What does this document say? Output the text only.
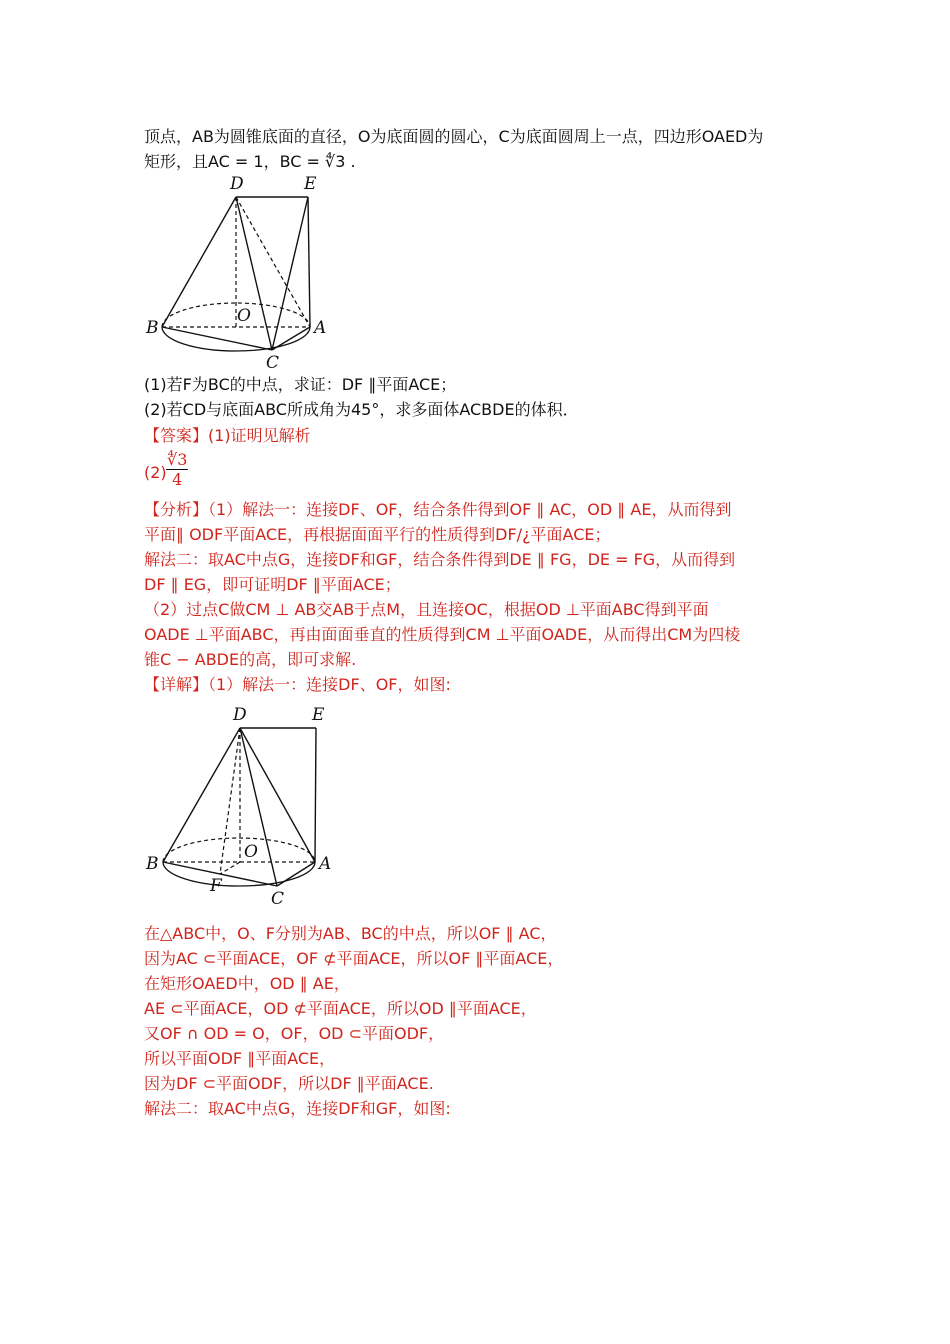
顶点，AB为圆锥底面的直径，O为底面圆的圆心，C为底面圆周上一点，四边形OAED为
矩形，且AC = 1，BC = ∜3 .
D	E
O
B	A
C
(1)若F为BC的中点，求证：DF ∥平面ACE；
(2)若CD与底面ABC所成角为45°，求多面体ACBDE的体积．
【答案】(1)证明见解析
$(2) \frac{∜3}{4}$
【分析】（1）解法一：连接DF、OF，结合条件得到OF ∥ AC，OD ∥ AE，从而得到
平面∥ ODF平面ACE，再根据面面平行的性质得到DF/¿平面ACE；
解法二：取AC中点G，连接DF和GF，结合条件得到DE ∥ FG，DE = FG，从而得到
DF ∥ EG，即可证明DF ∥平面ACE；
（2）过点C做CM ⊥ AB交AB于点M，且连接OC，根据OD ⊥平面ABC得到平面
OADE ⊥平面ABC，再由面面垂直的性质得到CM ⊥平面OADE，从而得出CM为四棱
锥C − ABDE的高，即可求解.
【详解】（1）解法一：连接DF、OF，如图:
D	E
O
B	A
F
C
在△ABC中，O、F分别为AB、BC的中点，所以OF ∥ AC，
因为AC ⊂平面ACE，OF ⊄平面ACE，所以OF ∥平面ACE，
在矩形OAED中，OD ∥ AE，
AE ⊂平面ACE，OD ⊄平面ACE，所以OD ∥平面ACE，
又OF ∩ OD = O，OF，OD ⊂平面ODF，
所以平面ODF ∥平面ACE，
因为DF ⊂平面ODF，所以DF ∥平面ACE.
解法二：取AC中点G，连接DF和GF，如图:
